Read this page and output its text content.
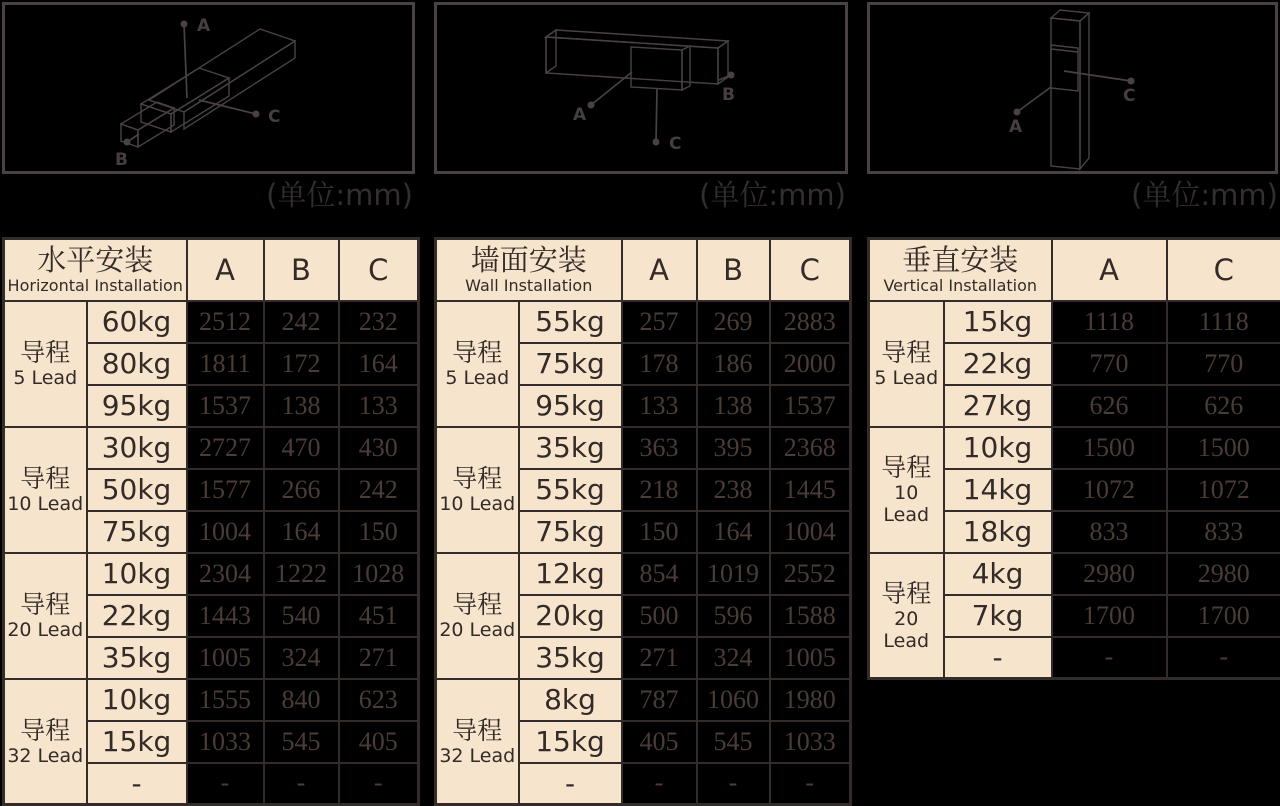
A
C
B
(单位:mm)
A
B
C
(单位:mm)
A
C
(单位:mm)
水平安装
Horizontal Installation		A	B	C

导程
5 Lead	60kg	2512	242	232
	80kg	1811	172	164
	95kg	1537	138	133

导程
10 Lead	30kg	2727	470	430
	50kg	1577	266	242
	75kg	1004	164	150

导程
20 Lead	10kg	2304	1222	1028
	22kg	1443	540	451
	35kg	1005	324	271

导程
32 Lead	10kg	1555	840	623
	15kg	1033	545	405
	-	-	-	-
墙面安装
Wall Installation		A	B	C

导程
5 Lead	55kg	257	269	2883
	75kg	178	186	2000
	95kg	133	138	1537

导程
10 Lead	35kg	363	395	2368
	55kg	218	238	1445
	75kg	150	164	1004

导程
20 Lead	12kg	854	1019	2552
	20kg	500	596	1588
	35kg	271	324	1005

导程
32 Lead	8kg	787	1060	1980
	15kg	405	545	1033
	-	-	-	-
垂直安装
Vertical Installation		A	C

导程
5 Lead	15kg	1118	1118
	22kg	770	770
	27kg	626	626

导程
10 Lead	10kg	1500	1500
	14kg	1072	1072
	18kg	833	833

导程
20 Lead	4kg	2980	2980
	7kg	1700	1700
	-	-	-
